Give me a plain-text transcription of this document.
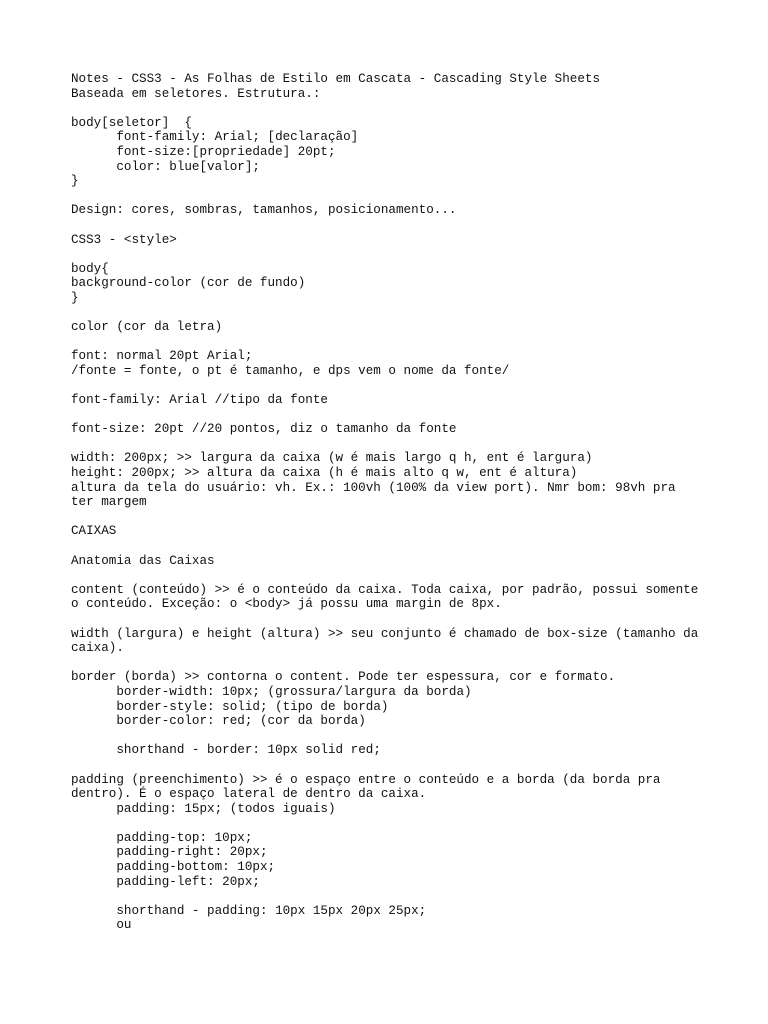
Notes - CSS3 - As Folhas de Estilo em Cascata - Cascading Style Sheets
Baseada em seletores. Estrutura.:
body[seletor]  {
font-family: Arial; [declaração]
font-size:[propriedade] 20pt;
color: blue[valor];
}
Design: cores, sombras, tamanhos, posicionamento...
CSS3 - <style>
body{
background-color (cor de fundo)
}
color (cor da letra)
font: normal 20pt Arial;
/fonte = fonte, o pt é tamanho, e dps vem o nome da fonte/
font-family: Arial //tipo da fonte
font-size: 20pt //20 pontos, diz o tamanho da fonte
width: 200px; >> largura da caixa (w é mais largo q h, ent é largura)
height: 200px; >> altura da caixa (h é mais alto q w, ent é altura)
altura da tela do usuário: vh. Ex.: 100vh (100% da view port). Nmr bom: 98vh pra
ter margem
CAIXAS
Anatomia das Caixas
content (conteúdo) >> é o conteúdo da caixa. Toda caixa, por padrão, possui somente
o conteúdo. Exceção: o <body> já possu uma margin de 8px.
width (largura) e height (altura) >> seu conjunto é chamado de box-size (tamanho da
caixa).
border (borda) >> contorna o content. Pode ter espessura, cor e formato.
border-width: 10px; (grossura/largura da borda)
border-style: solid; (tipo de borda)
border-color: red; (cor da borda)
shorthand - border: 10px solid red;
padding (preenchimento) >> é o espaço entre o conteúdo e a borda (da borda pra
dentro). É o espaço lateral de dentro da caixa.
padding: 15px; (todos iguais)
padding-top: 10px;
padding-right: 20px;
padding-bottom: 10px;
padding-left: 20px;
shorthand - padding: 10px 15px 20px 25px;
ou
